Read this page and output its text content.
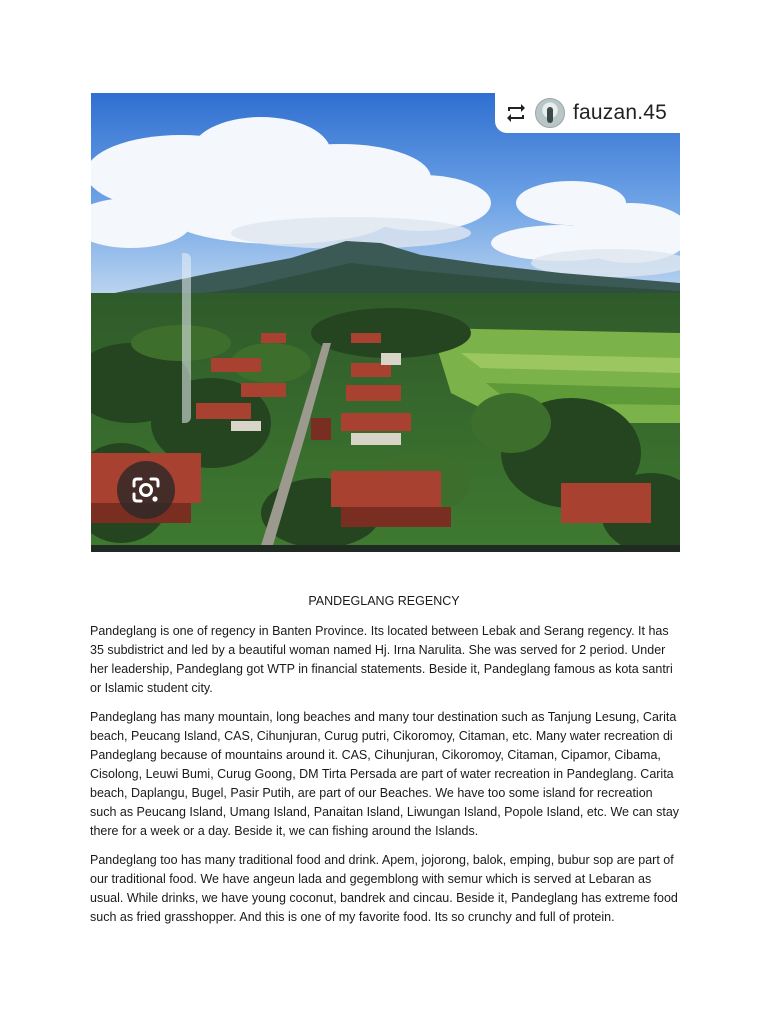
fauzan.45
PANDEGLANG REGENCY

Pandeglang is one of regency in Banten Province. Its located between Lebak and Serang regency. It has 35 subdistrict and led by a beautiful woman named Hj. Irna Narulita. She was served for 2 period. Under her leadership, Pandeglang got WTP in financial statements. Beside it, Pandeglang famous as kota santri or Islamic student city.

Pandeglang has many mountain, long beaches and many tour destination such as Tanjung Lesung, Carita beach, Peucang Island, CAS, Cihunjuran, Curug putri, Cikoromoy, Citaman, etc. Many water recreation di Pandeglang because of mountains around it. CAS, Cihunjuran, Cikoromoy, Citaman, Cipamor, Cibama, Cisolong, Leuwi Bumi, Curug Goong, DM Tirta Persada are part of water recreation in Pandeglang. Carita beach, Daplangu, Bugel, Pasir Putih, are part of our Beaches. We have too some island for recreation such as Peucang Island, Umang Island, Panaitan Island, Liwungan Island, Popole Island, etc. We can stay there for a week or a day. Beside it, we can fishing around the Islands.

Pandeglang too has many traditional food and drink. Apem, jojorong, balok, emping, bubur sop are part of our traditional food. We have angeun lada and gegemblong with semur which is served at Lebaran as usual. While drinks, we have young coconut, bandrek and cincau. Beside it, Pandeglang has extreme food such as fried grasshopper. And this is one of my favorite food. Its so crunchy and full of protein.
